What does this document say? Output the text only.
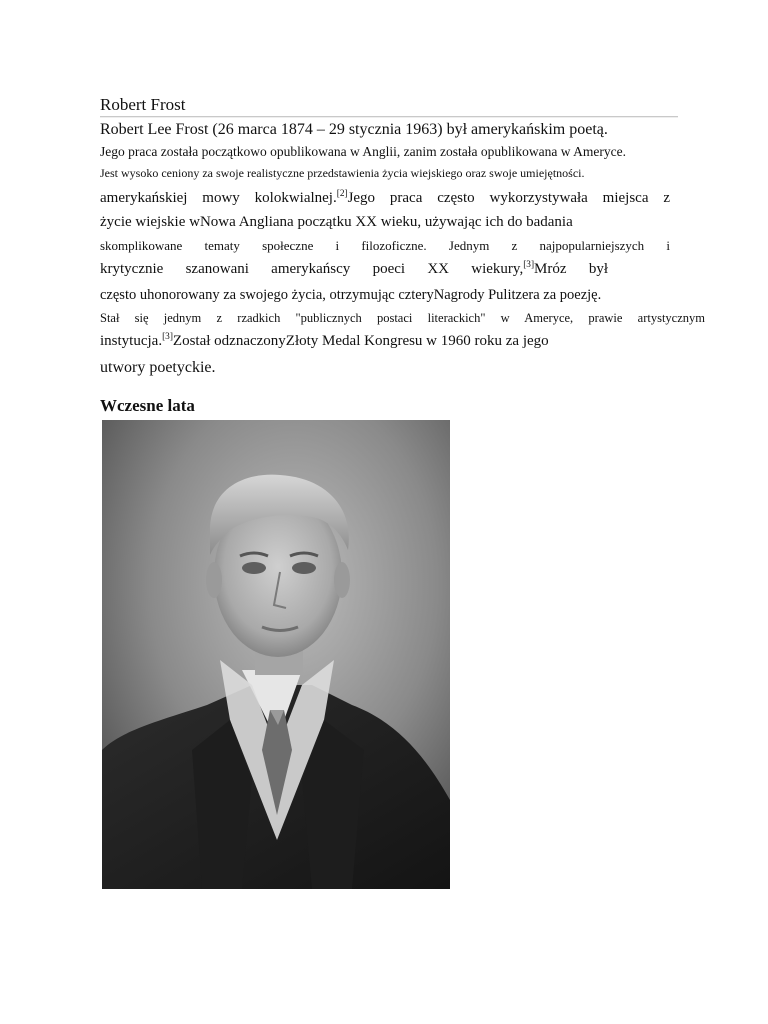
Robert Frost
Robert Lee Frost (26 marca 1874 – 29 stycznia 1963) był amerykańskim poetą.
Jego praca została początkowo opublikowana w Anglii, zanim została opublikowana w Ameryce.
Jest wysoko ceniony za swoje realistyczne przedstawienia życia wiejskiego oraz swoje umiejętności.
amerykańskiej mowy kolokwialnej.[2]Jego praca często wykorzystywała miejsca z
życie wiejskie wNowa Angliana początku XX wieku, używając ich do badania
skomplikowane tematy społeczne i filozoficzne. Jednym z najpopularniejszych i
krytycznie szanowani amerykańscy poeci XX wiekury,[3]Mróz był
często uhonorowany za swojego życia, otrzymując czteryNagrody Pulitzera za poezję.
Stał się jednym z rzadkich "publicznych postaci literackich" w Ameryce, prawie artystycznym
instytucja.[3]Został odznaczonyZłoty Medal Kongresu w 1960 roku za jego
utwory poetyckie.
Wczesne lata
